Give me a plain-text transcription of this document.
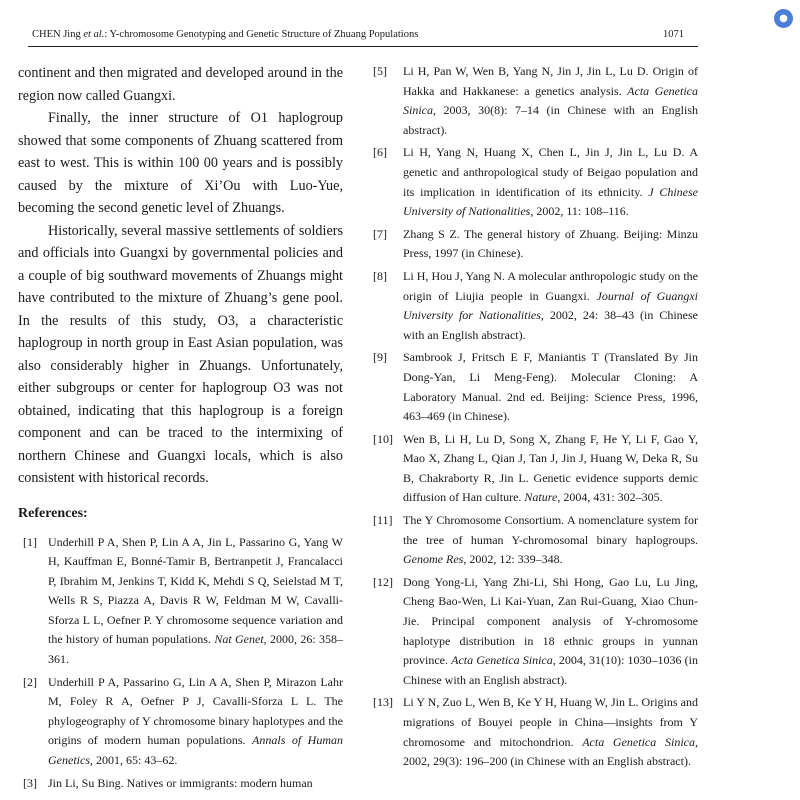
CHEN Jing et al.: Y-chromosome Genotyping and Genetic Structure of Zhuang Populations	1071
●

continent and then migrated and developed around in the region now called Guangxi.

Finally, the inner structure of O1 haplogroup showed that some components of Zhuang scattered from east to west. This is within 100 00 years and is possibly caused by the mixture of Xi’Ou with Luo-Yue, becoming the second genetic level of Zhuangs.

Historically, several massive settlements of soldiers and officials into Guangxi by governmental policies and a couple of big southward movements of Zhuangs might have contributed to the mixture of Zhuang’s gene pool. In the results of this study, O3, a characteristic haplogroup in north group in East Asian population, was also considerably higher in Zhuangs. Unfortunately, either subgroups or center for haplogroup O3 was not obtained, indicating that this haplogroup is a foreign component and can be traced to the intermixing of northern Chinese and Guangxi locals, which is also consistent with historical records.

References:
[1] Underhill P A, Shen P, Lin A A, Jin L, Passarino G, Yang W H, Kauffman E, Bonné-Tamir B, Bertranpetit J, Francalacci P, Ibrahim M, Jenkins T, Kidd K, Mehdi S Q, Seielstad M T, Wells R S, Piazza A, Davis R W, Feldman M W, Cavalli-Sforza L L, Oefner P. Y chromosome sequence variation and the history of human populations. Nat Genet, 2000, 26: 358–361.
[2] Underhill P A, Passarino G, Lin A A, Shen P, Mirazon Lahr M, Foley R A, Oefner P J, Cavalli-Sforza L L. The phylogeography of Y chromosome binary haplotypes and the origins of modern human populations. Annals of Human Genetics, 2001, 65: 43–62.
[3] Jin Li, Su Bing. Natives or immigrants: modern human
[5]	Li H, Pan W, Wen B, Yang N, Jin J, Jin L, Lu D. Origin of Hakka and Hakkanese: a genetics analysis. Acta Genetica Sinica, 2003, 30(8): 7–14 (in Chinese with an English abstract).
[6]	Li H, Yang N, Huang X, Chen L, Jin J, Jin L, Lu D. A genetic and anthropological study of Beigao population and its implication in identification of its ethnicity. J Chinese University of Nationalities, 2002, 11: 108–116.
[7]	Zhang S Z. The general history of Zhuang. Beijing: Minzu Press, 1997 (in Chinese).
[8]	Li H, Hou J, Yang N. A molecular anthropologic study on the origin of Liujia people in Guangxi. Journal of Guangxi University for Nationalities, 2002, 24: 38–43 (in Chinese with an English abstract).
[9]	Sambrook J, Fritsch E F, Maniantis T (Translated By Jin Dong-Yan, Li Meng-Feng). Molecular Cloning: A Laboratory Manual. 2nd ed. Beijing: Science Press, 1996, 463–469 (in Chinese).
[10] Wen B, Li H, Lu D, Song X, Zhang F, He Y, Li F, Gao Y, Mao X, Zhang L, Qian J, Tan J, Jin J, Huang W, Deka R, Su B, Chakraborty R, Jin L. Genetic evidence supports demic diffusion of Han culture. Nature, 2004, 431: 302–305.
[11] The Y Chromosome Consortium. A nomenclature system for the tree of human Y-chromosomal binary haplogroups. Genome Res, 2002, 12: 339–348.
[12] Dong Yong-Li, Yang Zhi-Li, Shi Hong, Gao Lu, Lu Jing, Cheng Bao-Wen, Li Kai-Yuan, Zan Rui-Guang, Xiao Chun-Jie. Principal component analysis of Y-chromosome haplotype distribution in 18 ethnic groups in yunnan province. Acta Genetica Sinica, 2004, 31(10): 1030–1036 (in Chinese with an English abstract).
[13] Li Y N, Zuo L, Wen B, Ke Y H, Huang W, Jin L. Origins and migrations of Bouyei people in China—insights from Y chromosome and mitochondrion. Acta Genetica Sinica, 2002, 29(3): 196–200 (in Chinese with an English abstract).
